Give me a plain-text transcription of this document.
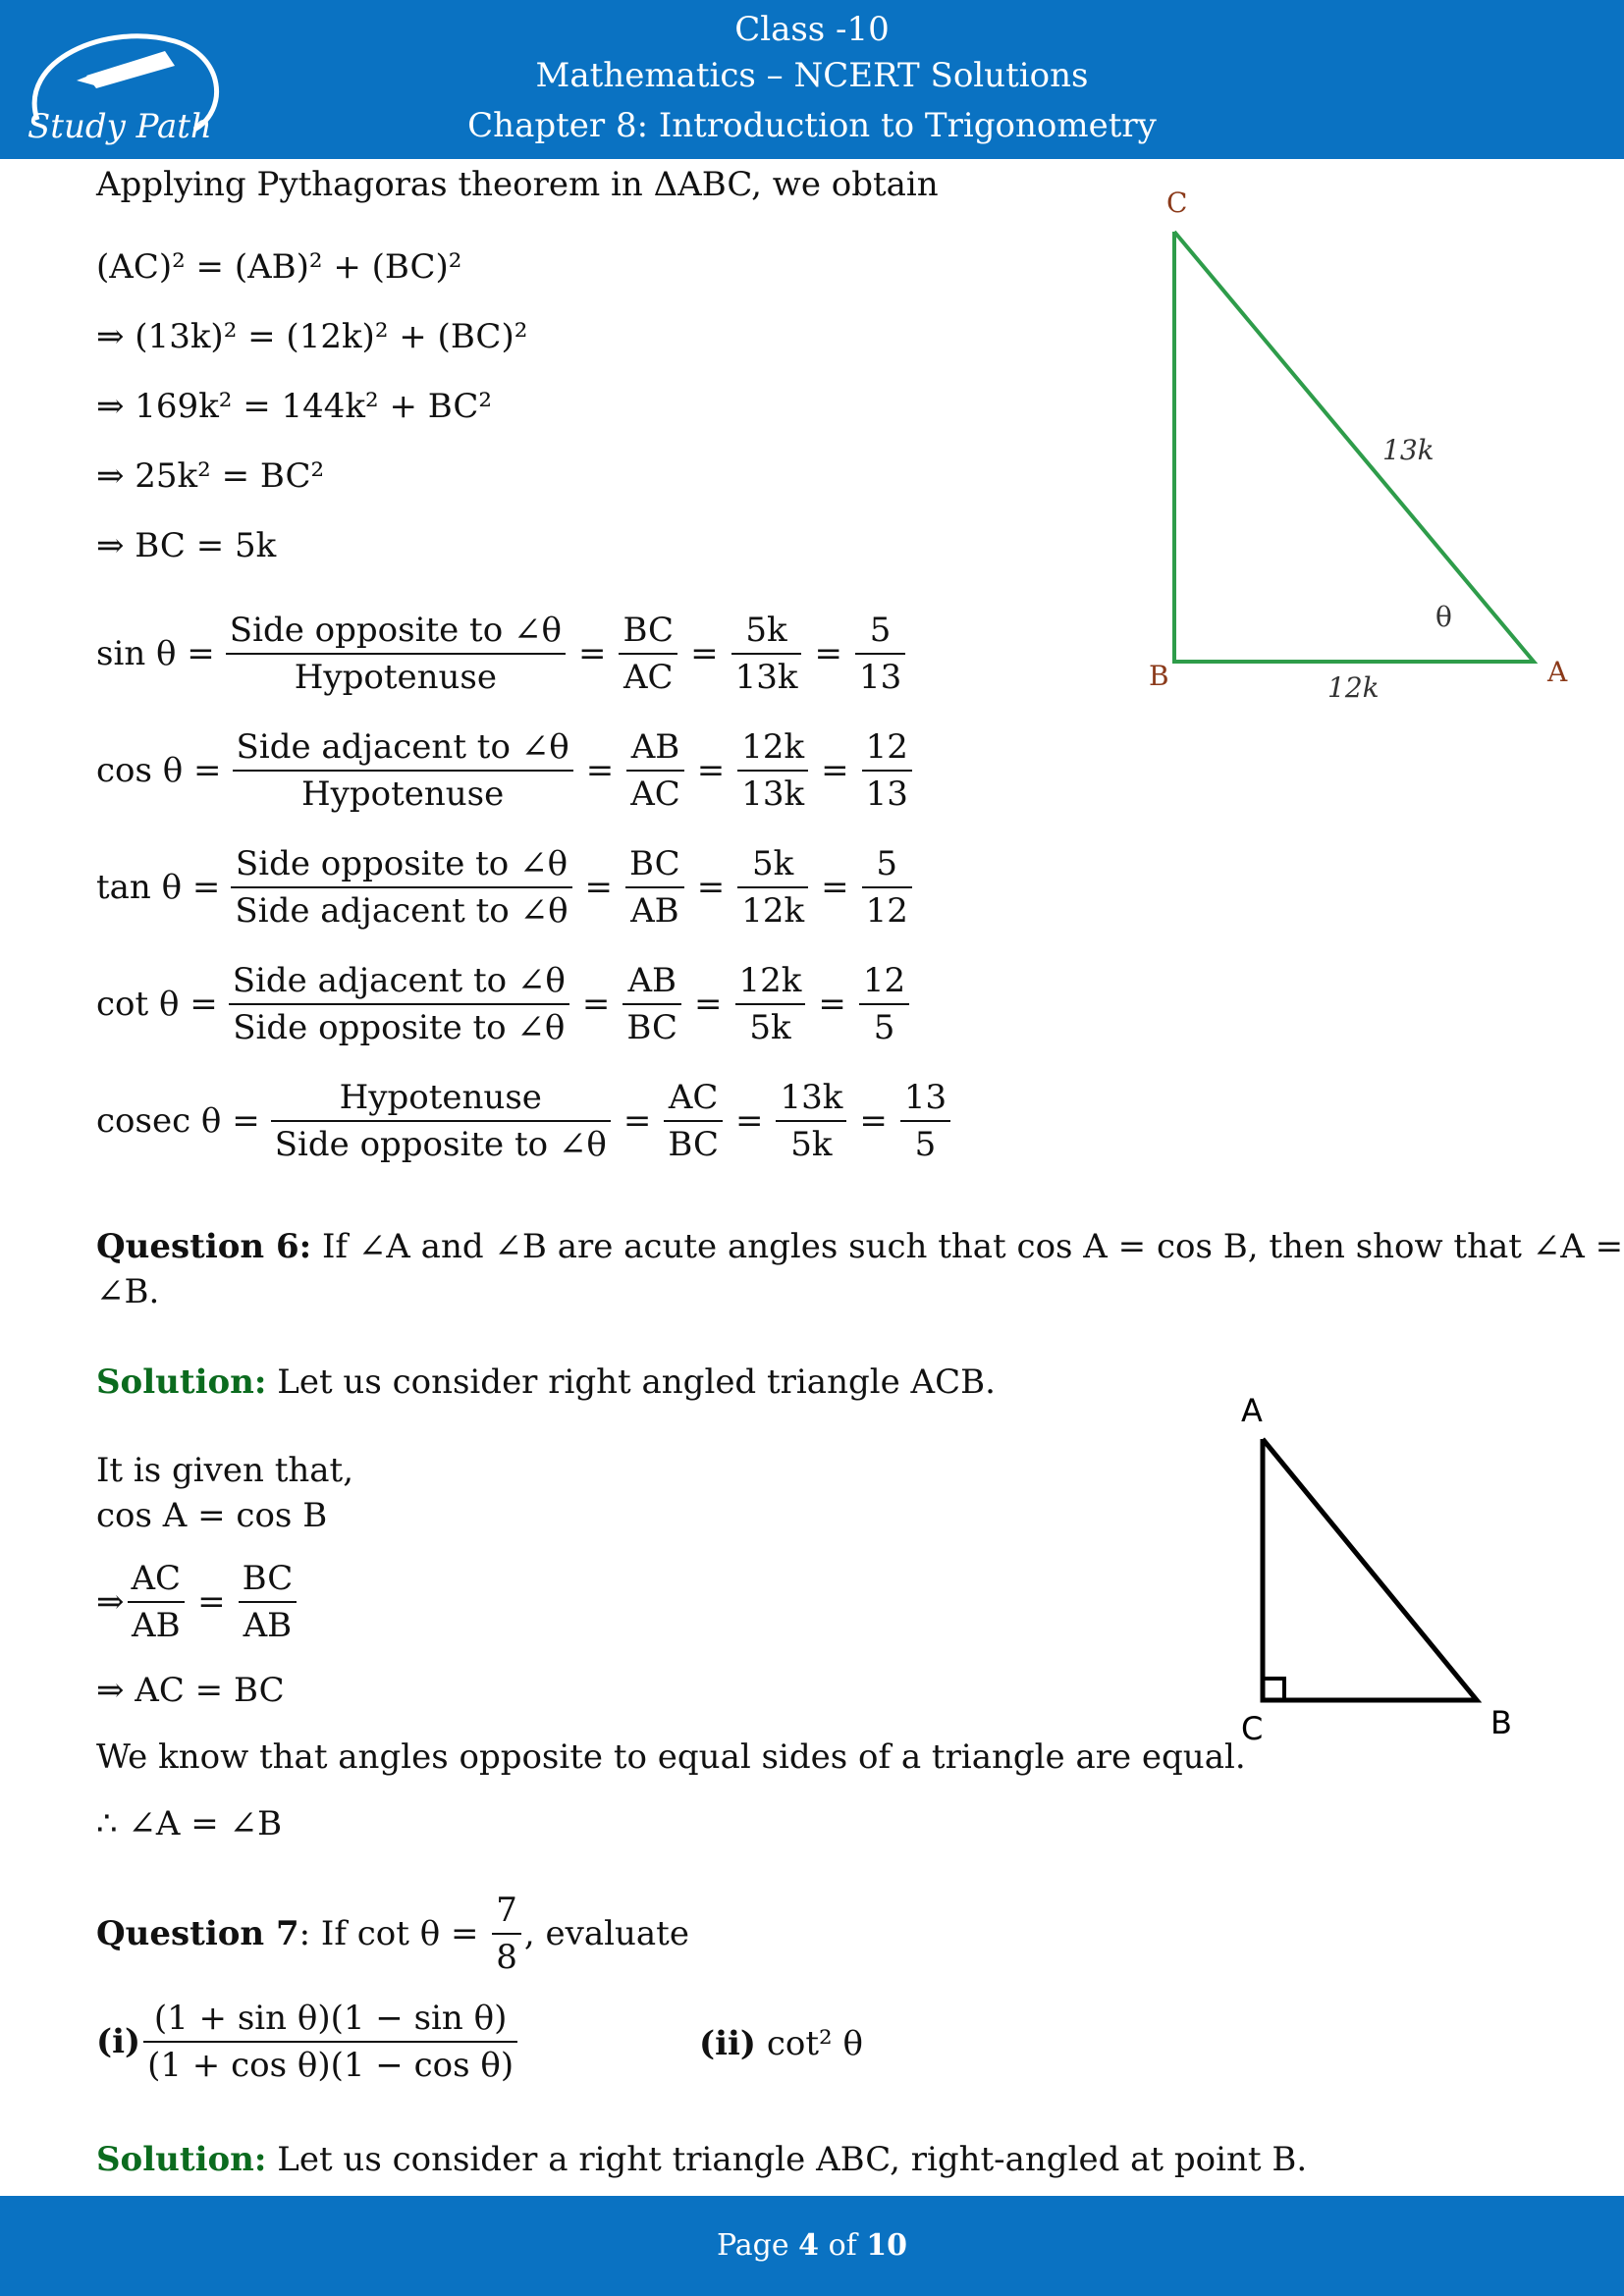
Study Path
Class -10
Mathematics – NCERT Solutions
Chapter 8: Introduction to Trigonometry
Applying Pythagoras theorem in ΔABC, we obtain
(AC)² = (AB)² + (BC)²
⇒ (13k)² = (12k)² + (BC)²
⇒ 169k² = 144k² + BC²
⇒ 25k² = BC²
⇒ BC = 5k
$\sin \theta = \frac{\text{Side opposite to ∠θ}}{\text{Hypotenuse}} = \frac{BC}{AC} = \frac{5k}{13k} = \frac{5}{13}$
$\cos \theta = \frac{\text{Side adjacent to ∠θ}}{\text{Hypotenuse}} = \frac{AB}{AC} = \frac{12k}{13k} = \frac{12}{13}$
$\tan \theta = \frac{\text{Side opposite to ∠θ}}{\text{Side adjacent to ∠θ}} = \frac{BC}{AB} = \frac{5k}{12k} = \frac{5}{12}$
$\cot \theta = \frac{\text{Side adjacent to ∠θ}}{\text{Side opposite to ∠θ}} = \frac{AB}{BC} = \frac{12k}{5k} = \frac{12}{5}$
cosec $\theta = \frac{\text{Hypotenuse}}{\text{Side opposite to ∠θ}} = \frac{AC}{BC} = \frac{13k}{5k} = \frac{13}{5}$
C
B	A
13k
12k
θ
Question 6: If ∠A and ∠B are acute angles such that cos A = cos B, then show that ∠A =
∠B.
Solution: Let us consider right angled triangle ACB.
It is given that,
cos A = cos B
⇒ $\frac{AC}{AB} = \frac{BC}{AB}$
⇒ AC = BC
We know that angles opposite to equal sides of a triangle are equal.
∴ ∠A = ∠B
A
C	B
Question 7 : If $\cot \theta = \frac{7}{8}$ , evaluate
$(i) \frac{\text{(1 + sin θ)(1 − sin θ)}}{\text{(1 + cos θ)(1 − cos θ)}}$	(ii) cot² θ
Solution: Let us consider a right triangle ABC, right-angled at point B.
Page 4 of 10
